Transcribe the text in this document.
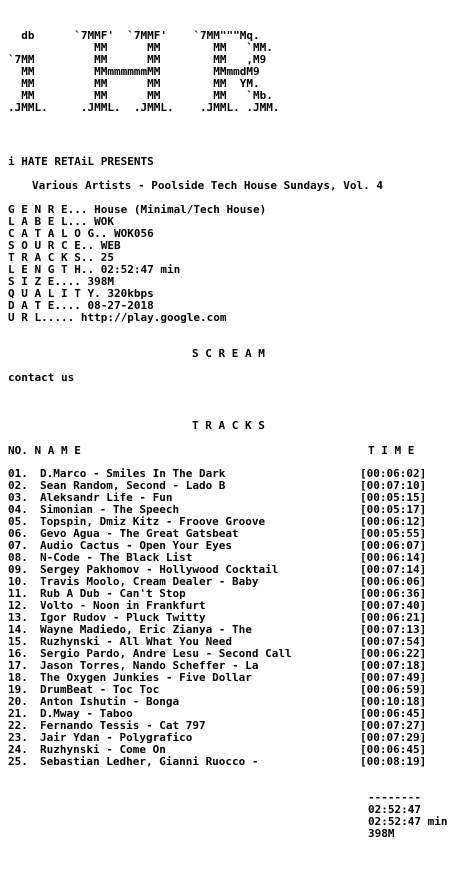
db      `7MMF'  `7MMF'    `7MM"""Mq.
MM      MM        MM   `MM.
`7MM         MM      MM        MM   ,M9
MM         MMmmmmmmMM        MMmmdM9
MM         MM      MM        MM  YM.
MM         MM      MM        MM   `Mb.
.JMML.     .JMML.  .JMML.    .JMML. .JMM.
i HATE RETAiL PRESENTS
Various Artists - Poolside Tech House Sundays, Vol. 4
G E N R E... House (Minimal/Tech House)
L A B E L... WOK
C A T A L O G.. WOK056
S O U R C E.. WEB
T R A C K S.. 25
L E N G T H.. 02:52:47 min
S I Z E.... 398M
Q U A L I T Y. 320kbps
D A T E.... 08-27-2018
U R L..... http://play.google.com
S C R E A M
contact us
T R A C K S
NO. N A M E	T I M E
01. D.Marco - Smiles In The Dark	[00:06:02]
02. Sean Random, Second - Lado B	[00:07:10]
03. Aleksandr Life - Fun	[00:05:15]
04. Simonian - The Speech	[00:05:17]
05. Topspin, Dmiz Kitz - Froove Groove	[00:06:12]
06. Gevo Agua - The Great Gatsbeat	[00:05:55]
07. Audio Cactus - Open Your Eyes	[00:06:07]
08. N-Code - The Black List	[00:06:14]
09. Sergey Pakhomov - Hollywood Cocktail	[00:07:14]
10. Travis Moolo, Cream Dealer - Baby	[00:06:06]
11. Rub A Dub - Can't Stop	[00:06:36]
12. Volto - Noon in Frankfurt	[00:07:40]
13. Igor Rudov - Pluck Twitty	[00:06:21]
14. Wayne Madiedo, Eric Zianya - The	[00:07:13]
15. Ruzhynski - All What You Need	[00:07:54]
16. Sergio Pardo, Andre Lesu - Second Call	[00:06:22]
17. Jason Torres, Nando Scheffer - La	[00:07:18]
18. The Oxygen Junkies - Five Dollar	[00:07:49]
19. DrumBeat - Toc Toc	[00:06:59]
20. Anton Ishutin - Bonga	[00:10:18]
21. D.Mway - Taboo	[00:06:45]
22. Fernando Tessis - Cat 797	[00:07:27]
23. Jair Ydan - Polygrafico	[00:07:29]
24. Ruzhynski - Come On	[00:06:45]
25. Sebastian Ledher, Gianni Ruocco -	[00:08:19]
--------
02:52:47
02:52:47 min
398M
